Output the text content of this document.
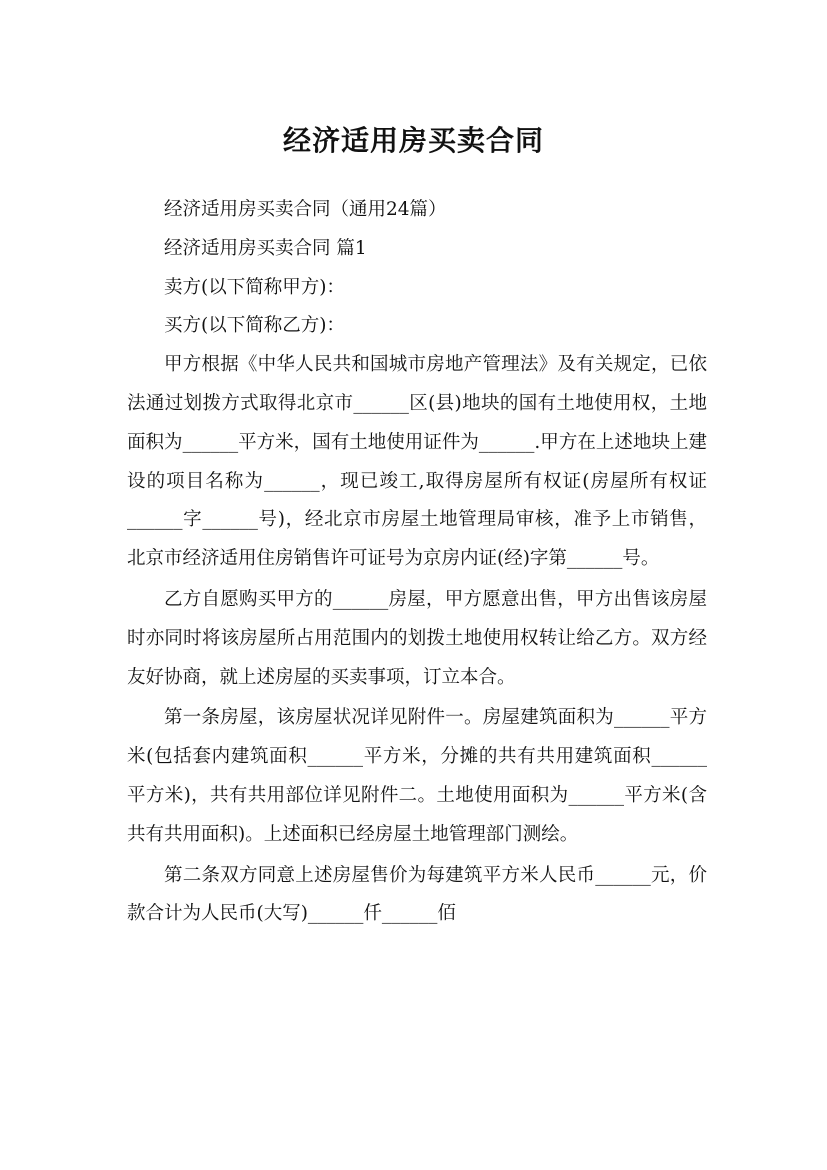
经济适用房买卖合同

经济适用房买卖合同（通用24篇）

经济适用房买卖合同 篇1

卖方(以下简称甲方)：

买方(以下简称乙方)：

甲方根据《中华人民共和国城市房地产管理法》及有关规定，已依法通过划拨方式取得北京市______区(县)地块的国有土地使用权，土地面积为______平方米，国有土地使用证件为______.甲方在上述地块上建设的项目名称为______，现已竣工,取得房屋所有权证(房屋所有权证______字______号)，经北京市房屋土地管理局审核，准予上市销售，北京市经济适用住房销售许可证号为京房内证(经)字第______号。

乙方自愿购买甲方的______房屋，甲方愿意出售，甲方出售该房屋时亦同时将该房屋所占用范围内的划拨土地使用权转让给乙方。双方经友好协商，就上述房屋的买卖事项，订立本合。

第一条房屋，该房屋状况详见附件一。房屋建筑面积为______平方米(包括套内建筑面积______平方米，分摊的共有共用建筑面积______平方米)，共有共用部位详见附件二。土地使用面积为______平方米(含共有共用面积)。上述面积已经房屋土地管理部门测绘。

第二条双方同意上述房屋售价为每建筑平方米人民币______元，价款合计为人民币(大写)______仟______佰
